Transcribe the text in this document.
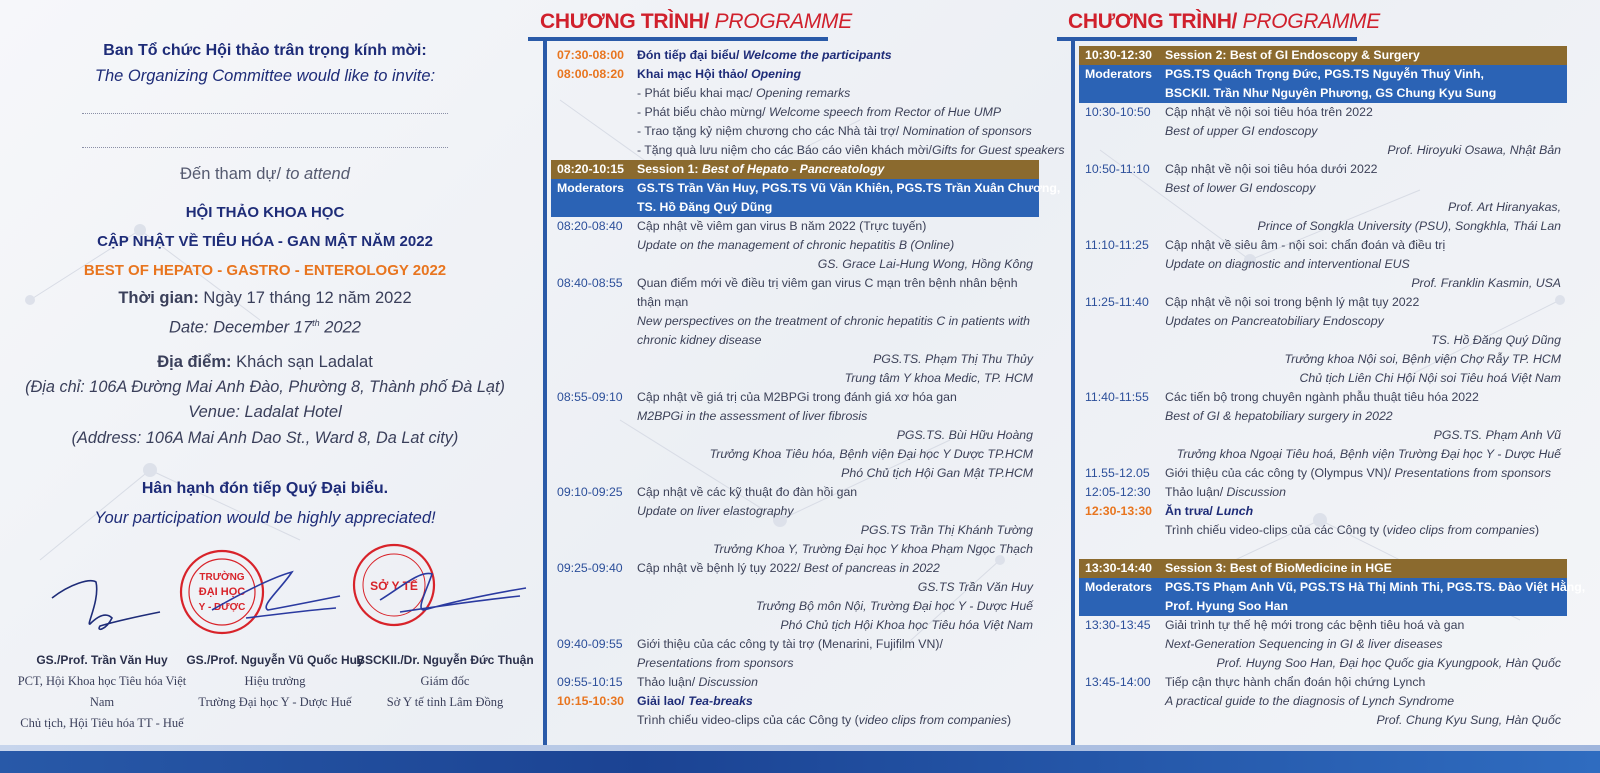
Ban Tổ chức Hội thảo trân trọng kính mời:
The Organizing Committee would like to invite:
Đến tham dự/ to attend
HỘI THẢO KHOA HỌC
CẬP NHẬT VỀ TIÊU HÓA - GAN MẬT NĂM 2022
BEST OF HEPATO - GASTRO - ENTEROLOGY 2022
Thời gian: Ngày 17 tháng 12 năm 2022
Date: December 17th 2022
Địa điểm: Khách sạn Ladalat
(Địa chỉ: 106A Đường Mai Anh Đào, Phường 8, Thành phố Đà Lạt)
Venue: Ladalat Hotel
(Address: 106A Mai Anh Dao St., Ward 8, Da Lat city)
Hân hạnh đón tiếp Quý Đại biểu.
Your participation would be highly appreciated!
TRƯỜNG
ĐẠI HỌC
Y - DƯỢC
SỞ Y TẾ
GS./Prof. Trần Văn Huy
PCT, Hội Khoa học Tiêu hóa Việt Nam
Chủ tịch, Hội Tiêu hóa TT - Huế
GS./Prof. Nguyễn Vũ Quốc Huy
Hiệu trưởng
Trường Đại học Y - Dược Huế
BSCKII./Dr. Nguyễn Đức Thuận
Giám đốc
Sở Y tế tỉnh Lâm Đồng
CHƯƠNG TRÌNH/ PROGRAMME
07:30-08:00	Đón tiếp đại biểu/ Welcome the participants
08:00-08:20	Khai mạc Hội thảo/ Opening
- Phát biểu khai mạc/ Opening remarks
- Phát biểu chào mừng/ Welcome speech from Rector of Hue UMP
- Trao tặng kỷ niệm chương cho các Nhà tài trợ/ Nomination of sponsors
- Tặng quà lưu niệm cho các Báo cáo viên khách mời/Gifts for Guest speakers
08:20-10:15	Session 1: Best of Hepato - Pancreatology
Moderators GS.TS Trần Văn Huy, PGS.TS Vũ Văn Khiên, PGS.TS Trần Xuân Chương,
TS. Hồ Đăng Quý Dũng
08:20-08:40	Cập nhật về viêm gan virus B năm 2022 (Trực tuyến)
Update on the management of chronic hepatitis B (Online)
GS. Grace Lai-Hung Wong, Hồng Kông
08:40-08:55	Quan điểm mới về điều trị viêm gan virus C mạn trên bệnh nhân bệnh
thận mạn
New perspectives on the treatment of chronic hepatitis C in patients with
chronic kidney disease
PGS.TS. Phạm Thị Thu Thủy
Trung tâm Y khoa Medic, TP. HCM
08:55-09:10	Cập nhật về giá trị của M2BPGi trong đánh giá xơ hóa gan
M2BPGi in the assessment of liver fibrosis
PGS.TS. Bùi Hữu Hoàng
Trưởng Khoa Tiêu hóa, Bệnh viện Đại học Y Dược TP.HCM
Phó Chủ tịch Hội Gan Mật TP.HCM
09:10-09:25	Cập nhật về các kỹ thuật đo đàn hồi gan
Update on liver elastography
PGS.TS Trần Thị Khánh Tường
Trưởng Khoa Y, Trường Đại học Y khoa Phạm Ngọc Thạch
09:25-09:40	Cập nhật về bệnh lý tụy 2022/ Best of pancreas in 2022
GS.TS Trần Văn Huy
Trưởng Bộ môn Nội, Trường Đại học Y - Dược Huế
Phó Chủ tịch Hội Khoa học Tiêu hóa Việt Nam
09:40-09:55	Giới thiệu của các công ty tài trợ (Menarini, Fujifilm VN)/
Presentations from sponsors
09:55-10:15	Thảo luận/ Discussion
10:15-10:30	Giải lao/ Tea-breaks
Trình chiếu video-clips của các Công ty (video clips from companies)
CHƯƠNG TRÌNH/ PROGRAMME
10:30-12:30	Session 2: Best of GI Endoscopy & Surgery
Moderators PGS.TS Quách Trọng Đức, PGS.TS Nguyễn Thuý Vinh,
BSCKII. Trần Như Nguyên Phương, GS Chung Kyu Sung
10:30-10:50	Cập nhật về nội soi tiêu hóa trên 2022
Best of upper GI endoscopy
Prof. Hiroyuki Osawa, Nhật Bản
10:50-11:10	Cập nhật về nội soi tiêu hóa dưới 2022
Best of lower GI endoscopy
Prof. Art Hiranyakas,
Prince of Songkla University (PSU), Songkhla, Thái Lan
11:10-11:25	Cập nhật về siêu âm - nội soi: chẩn đoán và điều trị
Update on diagnostic and interventional EUS
Prof. Franklin Kasmin, USA
11:25-11:40	Cập nhật về nội soi trong bệnh lý mật tụy 2022
Updates on Pancreatobiliary Endoscopy
TS. Hồ Đăng Quý Dũng
Trưởng khoa Nội soi, Bệnh viện Chợ Rẫy TP. HCM
Chủ tịch Liên Chi Hội Nội soi Tiêu hoá Việt Nam
11:40-11:55	Các tiến bộ trong chuyên ngành phẫu thuật tiêu hóa 2022
Best of GI & hepatobiliary surgery in 2022
PGS.TS. Phạm Anh Vũ
Trưởng khoa Ngoại Tiêu hoá, Bệnh viện Trường Đại học Y - Dược Huế
11.55-12.05	Giới thiệu của các công ty (Olympus VN)/ Presentations from sponsors
12:05-12:30	Thảo luận/ Discussion
12:30-13:30	Ăn trưa/ Lunch
Trình chiếu video-clips của các Công ty (video clips from companies)
13:30-14:40	Session 3: Best of BioMedicine in HGE
Moderators PGS.TS Phạm Anh Vũ, PGS.TS Hà Thị Minh Thi, PGS.TS. Đào Việt Hằng,
Prof. Hyung Soo Han
13:30-13:45	Giải trình tự thế hệ mới trong các bệnh tiêu hoá và gan
Next-Generation Sequencing in GI & liver diseases
Prof. Huyng Soo Han, Đại học Quốc gia Kyungpook, Hàn Quốc
13:45-14:00	Tiếp cận thực hành chẩn đoán hội chứng Lynch
A practical guide to the diagnosis of Lynch Syndrome
Prof. Chung Kyu Sung, Hàn Quốc
